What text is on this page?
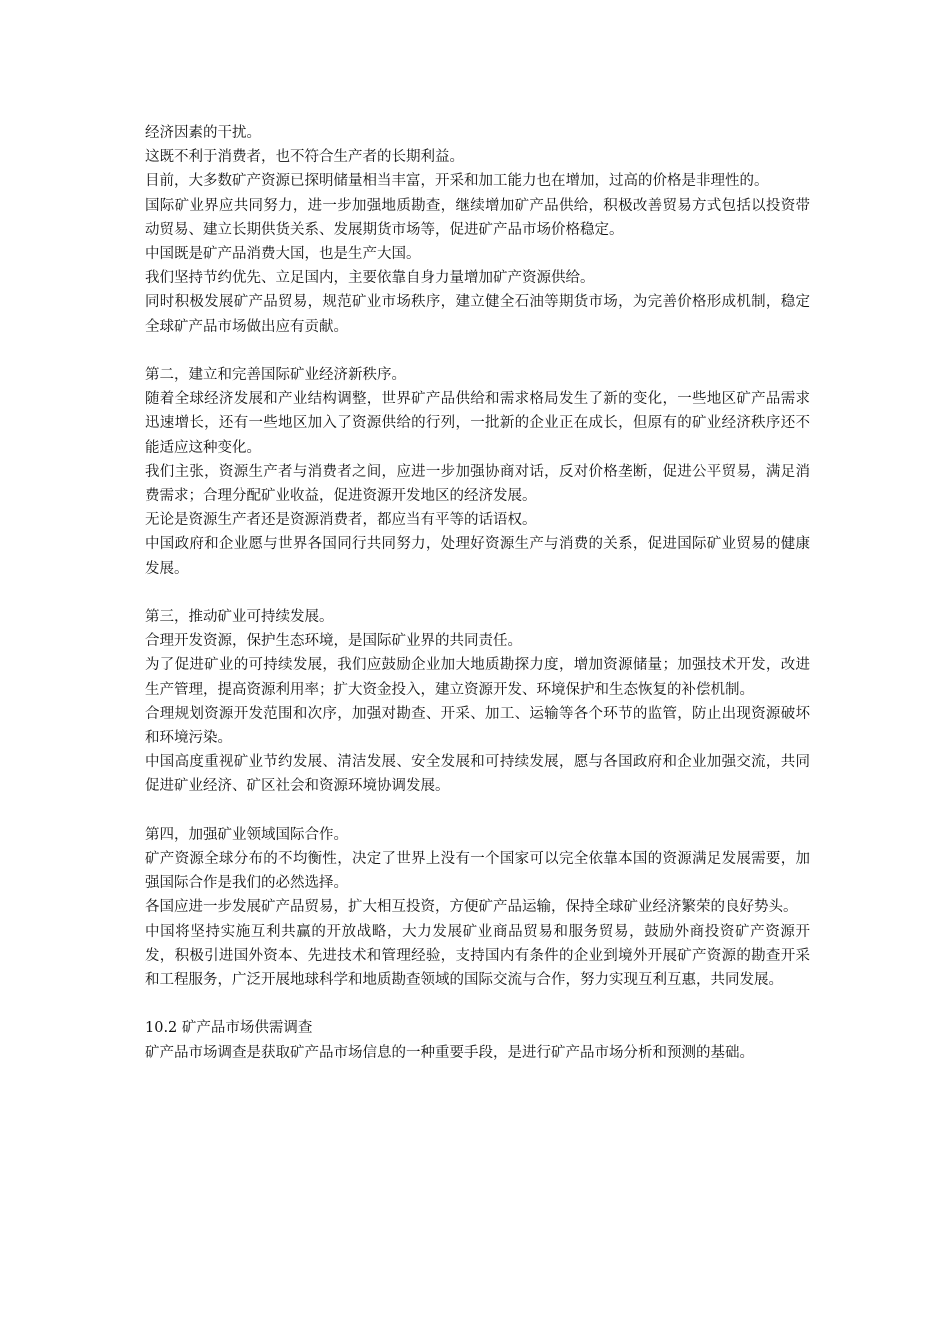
经济因素的干扰。

这既不利于消费者，也不符合生产者的长期利益。

目前，大多数矿产资源已探明储量相当丰富，开采和加工能力也在增加，过高的价格是非理性的。

国际矿业界应共同努力，进一步加强地质勘查，继续增加矿产品供给，积极改善贸易方式包括以投资带动贸易、建立长期供货关系、发展期货市场等，促进矿产品市场价格稳定。

中国既是矿产品消费大国，也是生产大国。

我们坚持节约优先、立足国内，主要依靠自身力量增加矿产资源供给。

同时积极发展矿产品贸易，规范矿业市场秩序，建立健全石油等期货市场，为完善价格形成机制，稳定全球矿产品市场做出应有贡献。

第二，建立和完善国际矿业经济新秩序。

随着全球经济发展和产业结构调整，世界矿产品供给和需求格局发生了新的变化，一些地区矿产品需求迅速增长，还有一些地区加入了资源供给的行列，一批新的企业正在成长，但原有的矿业经济秩序还不能适应这种变化。

我们主张，资源生产者与消费者之间，应进一步加强协商对话，反对价格垄断，促进公平贸易，满足消费需求；合理分配矿业收益，促进资源开发地区的经济发展。

无论是资源生产者还是资源消费者，都应当有平等的话语权。

中国政府和企业愿与世界各国同行共同努力，处理好资源生产与消费的关系，促进国际矿业贸易的健康发展。

第三，推动矿业可持续发展。

合理开发资源，保护生态环境，是国际矿业界的共同责任。

为了促进矿业的可持续发展，我们应鼓励企业加大地质勘探力度，增加资源储量；加强技术开发，改进生产管理，提高资源利用率；扩大资金投入，建立资源开发、环境保护和生态恢复的补偿机制。

合理规划资源开发范围和次序，加强对勘查、开采、加工、运输等各个环节的监管，防止出现资源破坏和环境污染。

中国高度重视矿业节约发展、清洁发展、安全发展和可持续发展，愿与各国政府和企业加强交流，共同促进矿业经济、矿区社会和资源环境协调发展。

第四，加强矿业领域国际合作。

矿产资源全球分布的不均衡性，决定了世界上没有一个国家可以完全依靠本国的资源满足发展需要，加强国际合作是我们的必然选择。

各国应进一步发展矿产品贸易，扩大相互投资，方便矿产品运输，保持全球矿业经济繁荣的良好势头。

中国将坚持实施互利共赢的开放战略，大力发展矿业商品贸易和服务贸易，鼓励外商投资矿产资源开发，积极引进国外资本、先进技术和管理经验，支持国内有条件的企业到境外开展矿产资源的勘查开采和工程服务，广泛开展地球科学和地质勘查领域的国际交流与合作，努力实现互利互惠，共同发展。

10.2 矿产品市场供需调查

矿产品市场调查是获取矿产品市场信息的一种重要手段，是进行矿产品市场分析和预测的基础。
